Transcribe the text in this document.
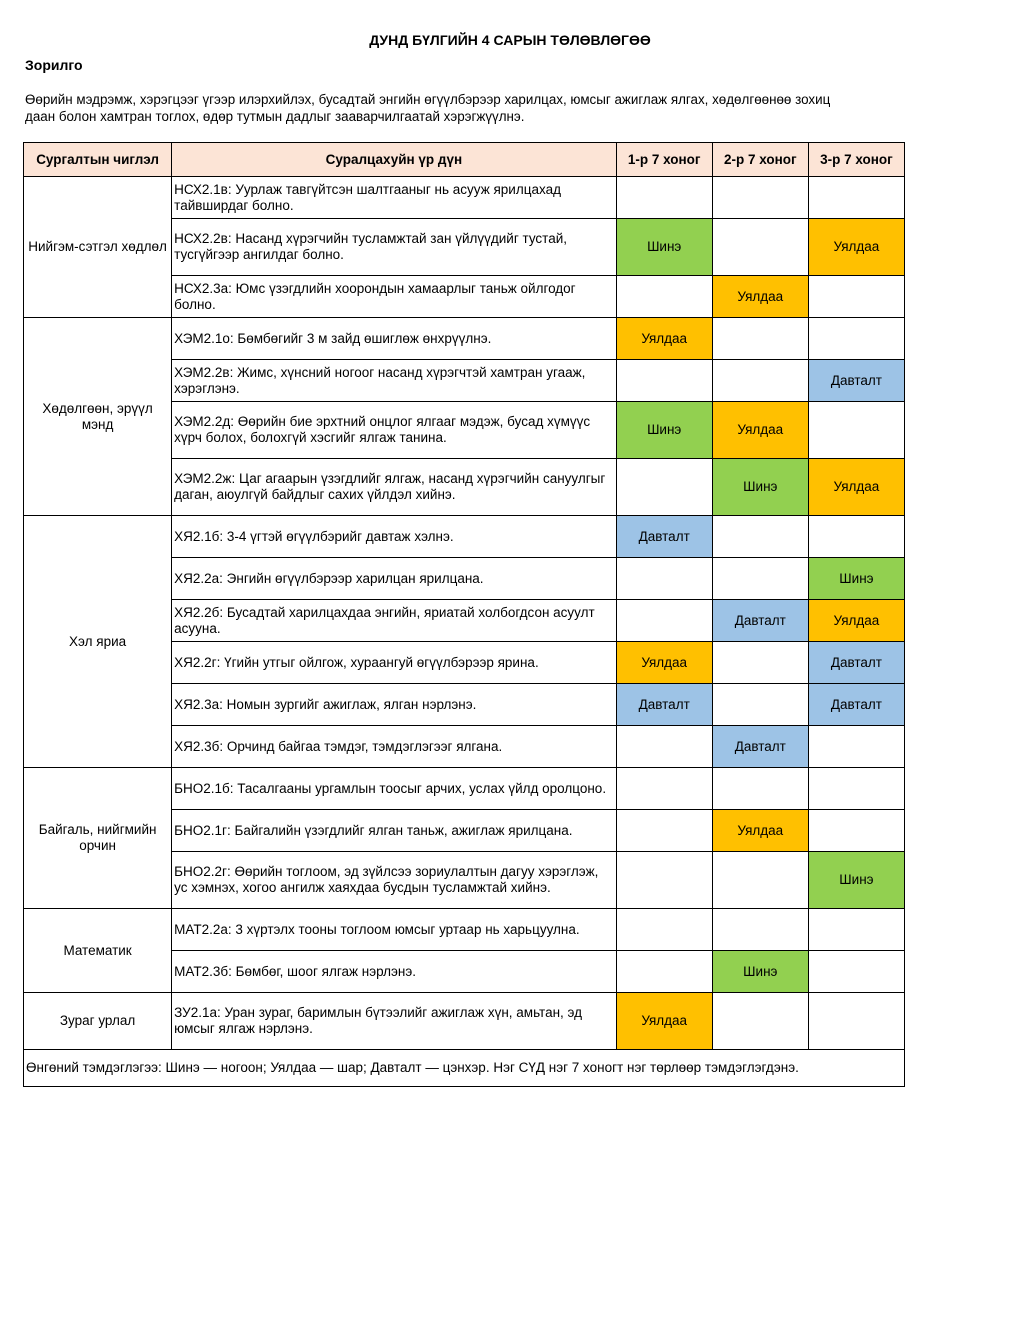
ДУНД БҮЛГИЙН 4 САРЫН ТӨЛӨВЛӨГӨӨ
Зорилго
Өөрийн мэдрэмж, хэрэгцээг үгээр илэрхийлэх, бусадтай энгийн өгүүлбэрээр харилцах, юмсыг ажиглаж ялгах, хөдөлгөөнөө зохиц
даан болон хамтран тоглох, өдөр тутмын дадлыг зааварчилгаатай хэрэгжүүлнэ.
Сургалтын чиглэл	Суралцахуйн үр дүн	1-р 7 хоног	2-р 7 хоног	3-р 7 хоног
Нийгэм-сэтгэл хөдлөл	НСХ2.1в: Уурлаж тавгүйтсэн шалтгааныг нь асууж ярилцахад тайвширдаг болно.			
	НСХ2.2в: Насанд хүрэгчийн тусламжтай зан үйлүүдийг тустай, тусгүйгээр ангилдаг болно.	Шинэ		Уялдаа
	НСХ2.3а: Юмс үзэгдлийн хоорондын хамаарлыг таньж ойлгодог болно.		Уялдаа	
Хөдөлгөөн, эрүүл мэнд	ХЭМ2.1о: Бөмбөгийг 3 м зайд өшиглөж өнхрүүлнэ.	Уялдаа		
	ХЭМ2.2в: Жимс, хүнсний ногоог насанд хүрэгчтэй хамтран угааж, хэрэглэнэ.			Давталт
	ХЭМ2.2д: Өөрийн бие эрхтний онцлог ялгааг мэдэж, бусад хүмүүс хүрч болох, болохгүй хэсгийг ялгаж танина.	Шинэ	Уялдаа	
	ХЭМ2.2ж: Цаг агаарын үзэгдлийг ялгаж, насанд хүрэгчийн сануулгыг даган, аюулгүй байдлыг сахих үйлдэл хийнэ.		Шинэ	Уялдаа
Хэл яриа	ХЯ2.1б: 3-4 үгтэй өгүүлбэрийг давтаж хэлнэ.	Давталт		
	ХЯ2.2а: Энгийн өгүүлбэрээр харилцан ярилцана.			Шинэ
	ХЯ2.2б: Бусадтай харилцахдаа энгийн, яриатай холбогдсон асуулт асууна.		Давталт	Уялдаа
	ХЯ2.2г: Үгийн утгыг ойлгож, хураангуй өгүүлбэрээр ярина.	Уялдаа		Давталт
	ХЯ2.3а: Номын зургийг ажиглаж, ялган нэрлэнэ.	Давталт		Давталт
	ХЯ2.3б: Орчинд байгаа тэмдэг, тэмдэглэгээг ялгана.		Давталт	
Байгаль, нийгмийн орчин	БНО2.1б: Тасалгааны ургамлын тоосыг арчих, услах үйлд оролцоно.			
	БНО2.1г: Байгалийн үзэгдлийг ялган таньж, ажиглаж ярилцана.		Уялдаа	
	БНО2.2г: Өөрийн тоглоом, эд зүйлсээ зориулалтын дагуу хэрэглэж, ус хэмнэх, хогоо ангилж хаяхдаа бусдын тусламжтай хийнэ.			Шинэ
Математик	МАТ2.2а: 3 хүртэлх тооны тоглоом юмсыг уртаар нь харьцуулна.			
	МАТ2.3б: Бөмбөг, шоог ялгаж нэрлэнэ.		Шинэ	
Зураг урлал	ЗУ2.1а: Уран зураг, баримлын бүтээлийг ажиглаж хүн, амьтан, эд юмсыг ялгаж нэрлэнэ.	Уялдаа		
Өнгөний тэмдэглэгээ: Шинэ — ногоон; Уялдаа — шар; Давталт — цэнхэр. Нэг СҮД нэг 7 хоногт нэг төрлөөр тэмдэглэгдэнэ.				
